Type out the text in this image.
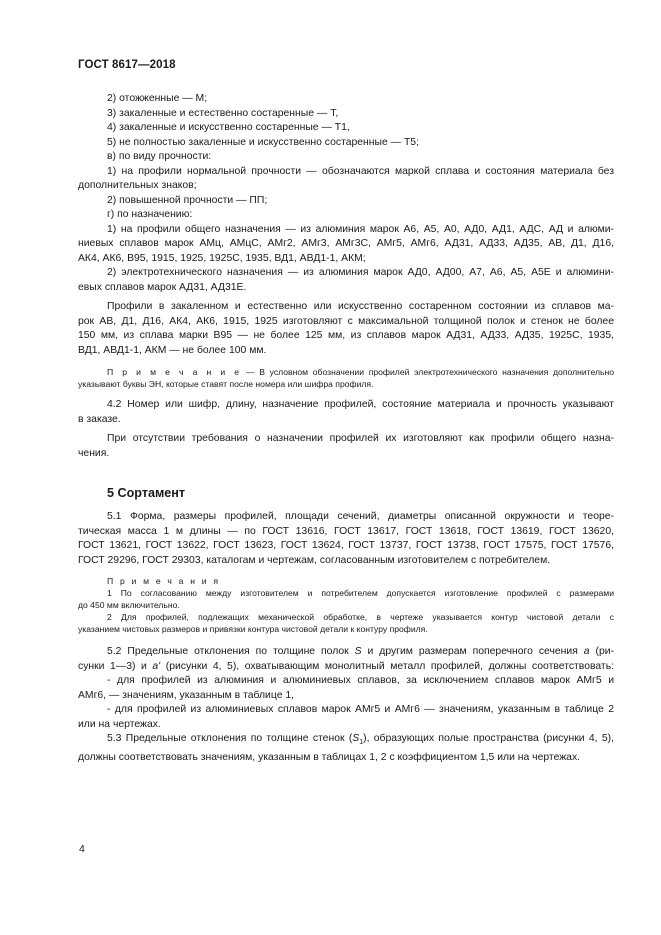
ГОСТ 8617—2018

2) отожженные — М;

3) закаленные и естественно состаренные — Т,

4) закаленные и искусственно состаренные — Т1,

5) не полностью закаленные и искусственно состаренные — Т5;

в) по виду прочности:

1) на профили нормальной прочности — обозначаются маркой сплава и состояния материала без

дополнительных знаков;

2) повышенной прочности — ПП;

г) по назначению:

1) на профили общего назначения — из алюминия марок А6, А5, А0, АД0, АД1, АДС, АД и алюми-

ниевых сплавов марок АМц, АМцС, АМг2, АМг3, АМг3С, АМг5, АМг6, АД31, АД33, АД35, АВ, Д1, Д16,

АК4, АК6, В95, 1915, 1925, 1925С, 1935, ВД1, АВД1-1, АКМ;

2) электротехнического назначения — из алюминия марок АД0, АД00, А7, А6, А5, А5Е и алюмини-

евых сплавов марок АД31, АД31Е.

Профили в закаленном и естественно или искусственно состаренном состоянии из сплавов ма-

рок АВ, Д1, Д16, АК4, АК6, 1915, 1925 изготовляют с максимальной толщиной полок и стенок не более

150 мм, из сплава марки В95 — не более 125 мм, из сплавов марок АД31, АД33, АД35, 1925С, 1935,

ВД1, АВД1-1, АКМ — не более 100 мм.

П р и м е ч а н и е — В условном обозначении профилей электротехнического назначения дополнительно

указывают буквы ЭН, которые ставят после номера или шифра профиля.

4.2 Номер или шифр, длину, назначение профилей, состояние материала и прочность указывают

в заказе.

При отсутствии требования о назначении профилей их изготовляют как профили общего назна-

чения.

5 Сортамент

5.1 Форма, размеры профилей, площади сечений, диаметры описанной окружности и теоре-

тическая масса 1 м длины — по ГОСТ 13616, ГОСТ 13617, ГОСТ 13618, ГОСТ 13619, ГОСТ 13620,

ГОСТ 13621, ГОСТ 13622, ГОСТ 13623, ГОСТ 13624, ГОСТ 13737, ГОСТ 13738, ГОСТ 17575, ГОСТ 17576,

ГОСТ 29296, ГОСТ 29303, каталогам и чертежам, согласованным изготовителем с потребителем.

П р и м е ч а н и я

1 По согласованию между изготовителем и потребителем допускается изготовление профилей с размерами

до 450 мм включительно.

2 Для профилей, подлежащих механической обработке, в чертеже указывается контур чистовой детали с

указанием чистовых размеров и привязки контура чистовой детали к контуру профиля.

5.2 Предельные отклонения по толщине полок S и другим размерам поперечного сечения а (ри-

сунки 1—3) и а' (рисунки 4, 5), охватывающим монолитный металл профилей, должны соответствовать:

- для профилей из алюминия и алюминиевых сплавов, за исключением сплавов марок АМг5 и

АМг6, — значениям, указанным в таблице 1,

- для профилей из алюминиевых сплавов марок АМг5 и АМг6 — значениям, указанным в таблице 2

или на чертежах.

5.3 Предельные отклонения по толщине стенок $(S_1)$, образующих полые пространства (рисунки 4, 5),

должны соответствовать значениям, указанным в таблицах 1, 2 с коэффициентом 1,5 или на чертежах.

4
